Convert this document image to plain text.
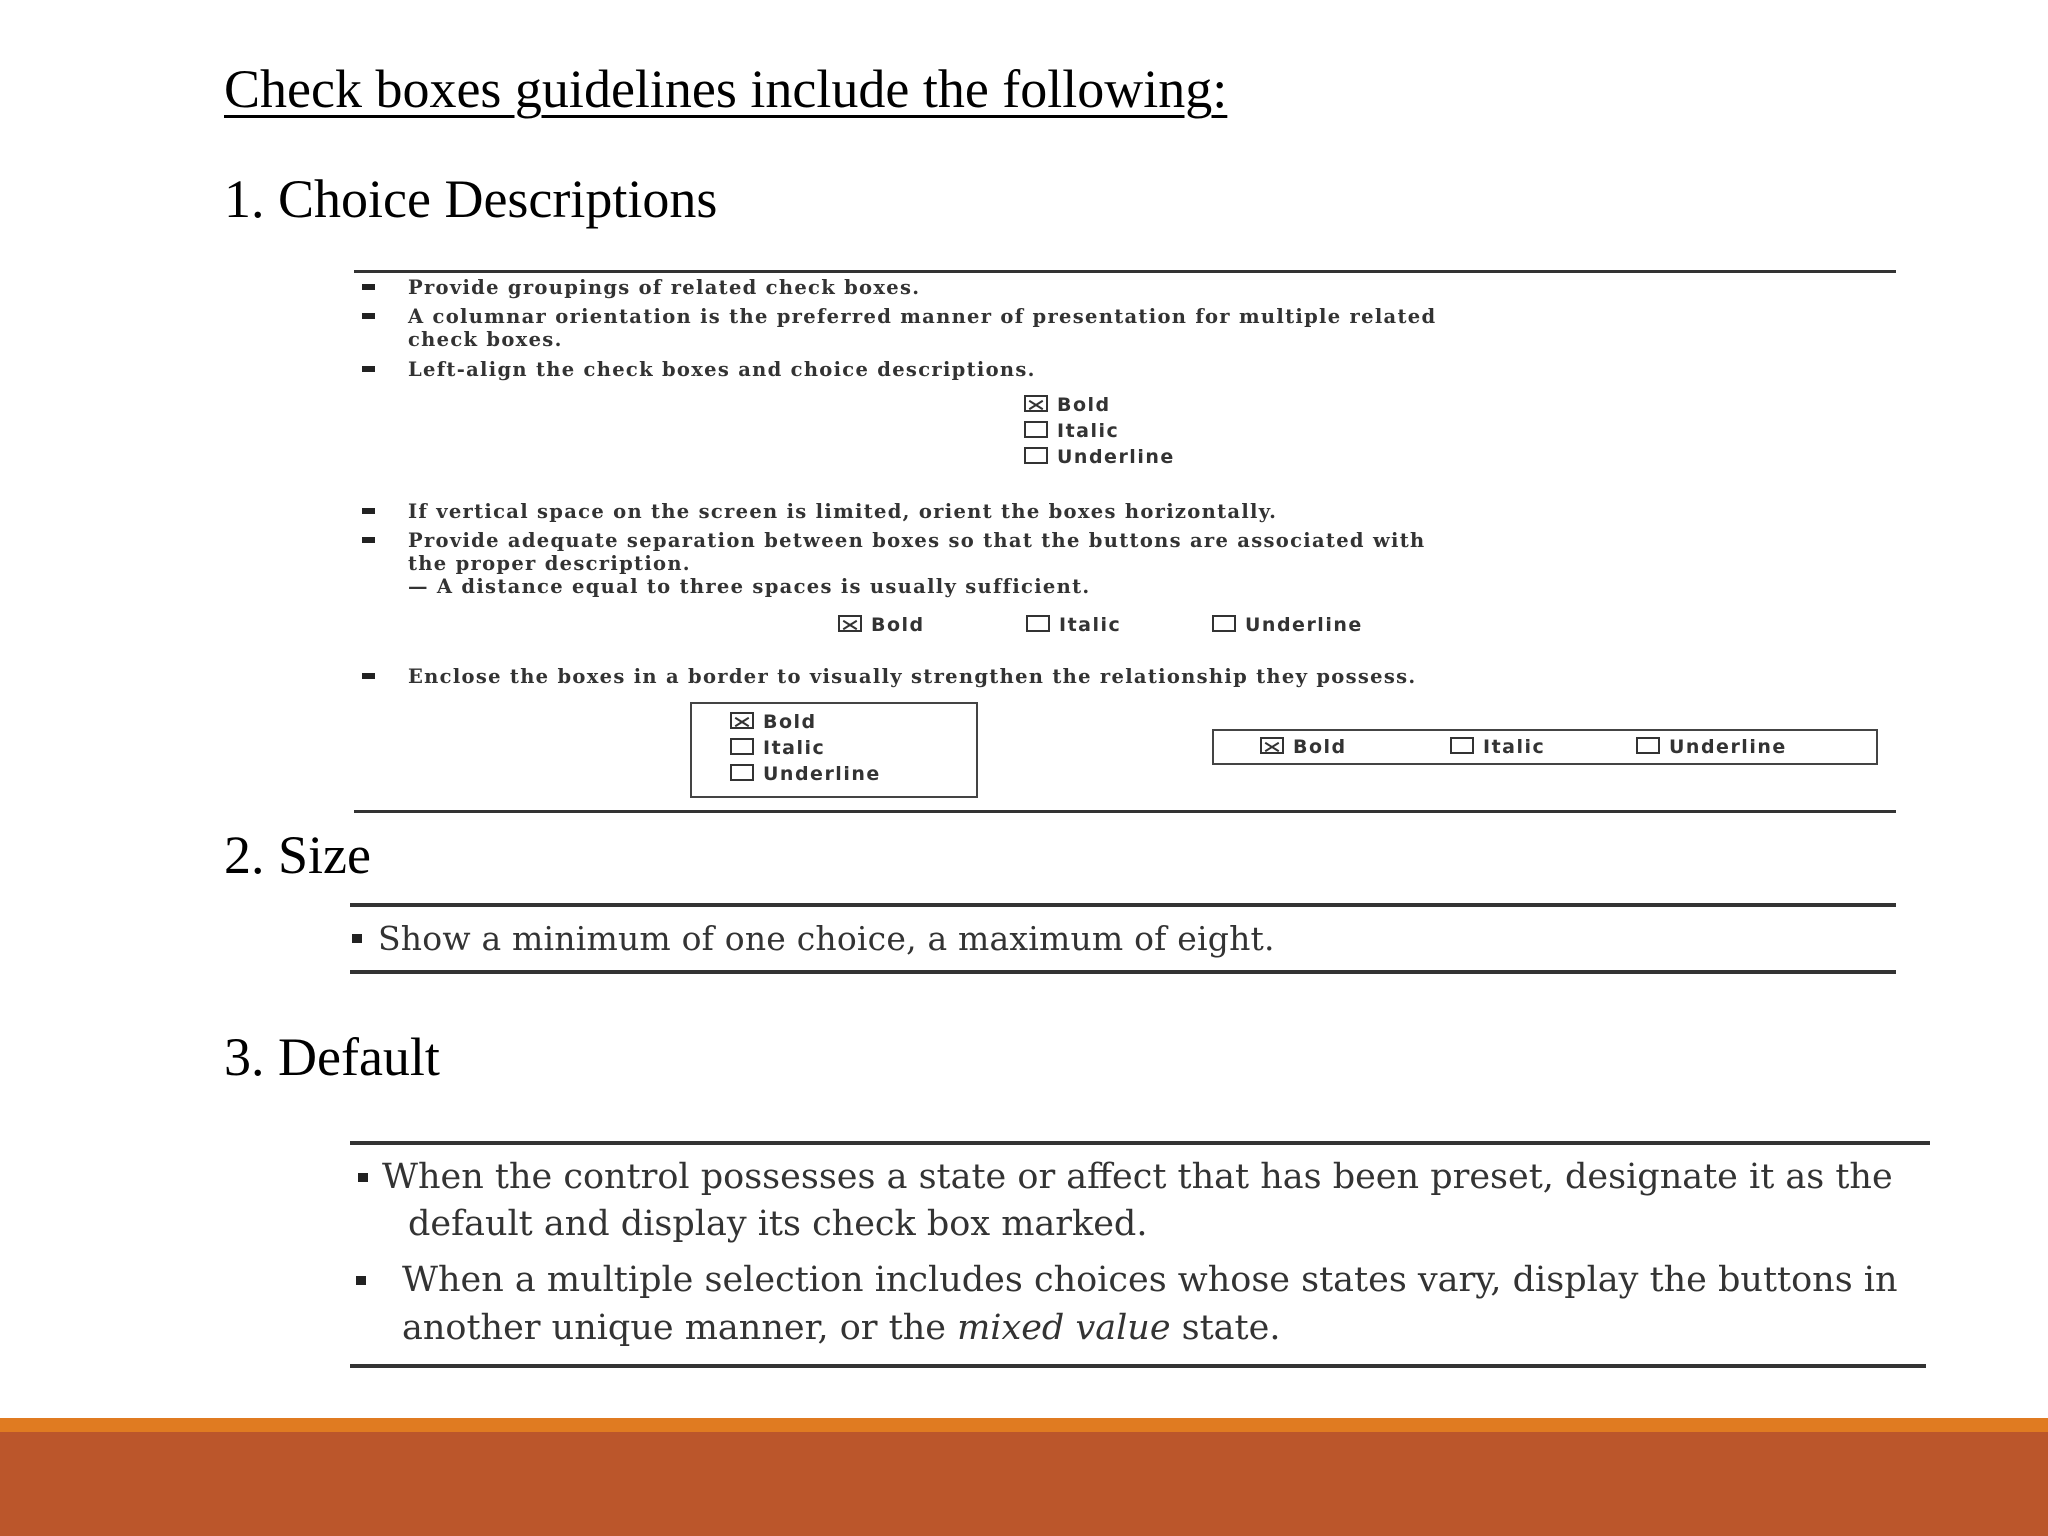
Check boxes guidelines include the following:
1. Choice Descriptions
Provide groupings of related check boxes.
A columnar orientation is the preferred manner of presentation for multiple related
check boxes.
Left-align the check boxes and choice descriptions.
Bold
Italic
Underline
If vertical space on the screen is limited, orient the boxes horizontally.
Provide adequate separation between boxes so that the buttons are associated with
the proper description.
— A distance equal to three spaces is usually sufficient.
Bold	Italic	Underline
Enclose the boxes in a border to visually strengthen the relationship they possess.
Bold
Italic
Underline
Bold	Italic	Underline
2. Size
Show a minimum of one choice, a maximum of eight.
3. Default
When the control possesses a state or affect that has been preset, designate it as the
default and display its check box marked.
When a multiple selection includes choices whose states vary, display the buttons in
another unique manner, or the mixed value state.
